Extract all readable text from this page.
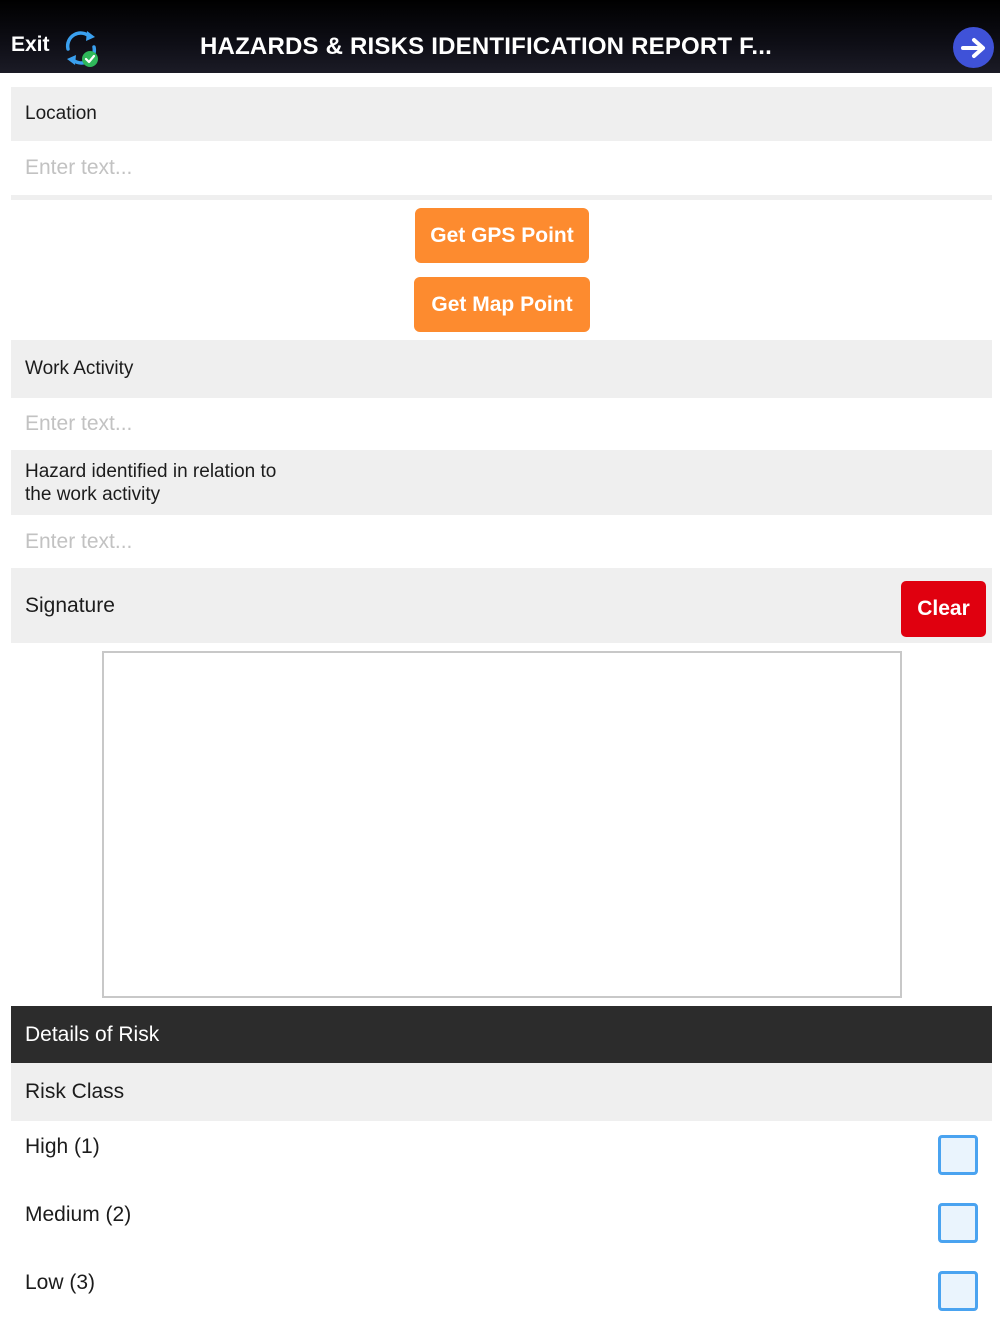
Exit	HAZARDS & RISKS IDENTIFICATION REPORT F...
Location
Enter text...
Get GPS Point
Get Map Point
Work Activity
Enter text...
Hazard identified in relation to
the work activity
Enter text...
Signature	Clear
Details of Risk
Risk Class
High (1)
Medium (2)
Low (3)
